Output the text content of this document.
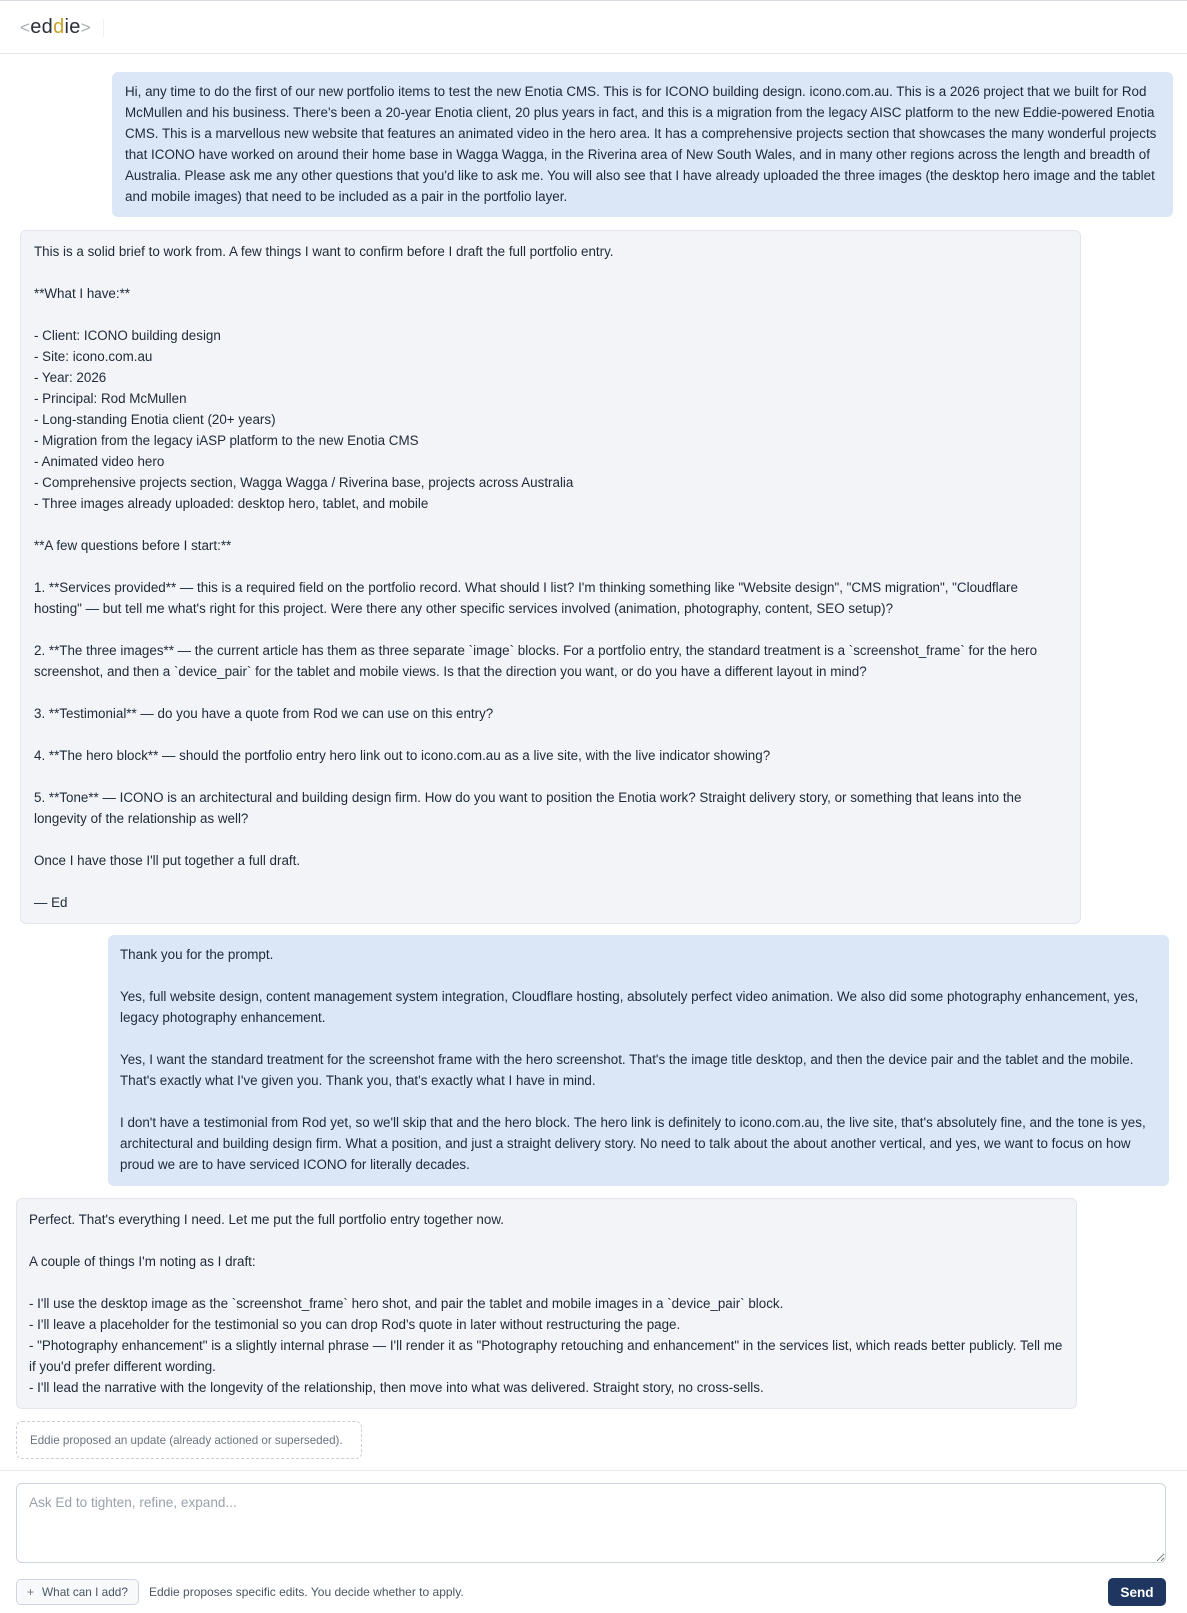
<eddie>
Hi, any time to do the first of our new portfolio items to test the new Enotia CMS. This is for ICONO building design. icono.com.au. This is a 2026 project that we built for Rod McMullen and his business. There's been a 20-year Enotia client, 20 plus years in fact, and this is a migration from the legacy AISC platform to the new Eddie-powered Enotia CMS. This is a marvellous new website that features an animated video in the hero area. It has a comprehensive projects section that showcases the many wonderful projects that ICONO have worked on around their home base in Wagga Wagga, in the Riverina area of New South Wales, and in many other regions across the length and breadth of Australia. Please ask me any other questions that you'd like to ask me. You will also see that I have already uploaded the three images (the desktop hero image and the tablet and mobile images) that need to be included as a pair in the portfolio layer.
This is a solid brief to work from. A few things I want to confirm before I draft the full portfolio entry.

**What I have:**

- Client: ICONO building design
- Site: icono.com.au
- Year: 2026
- Principal: Rod McMullen
- Long-standing Enotia client (20+ years)
- Migration from the legacy iASP platform to the new Enotia CMS
- Animated video hero
- Comprehensive projects section, Wagga Wagga / Riverina base, projects across Australia
- Three images already uploaded: desktop hero, tablet, and mobile

**A few questions before I start:**

1. **Services provided** — this is a required field on the portfolio record. What should I list? I'm thinking something like "Website design", "CMS migration", "Cloudflare hosting" — but tell me what's right for this project. Were there any other specific services involved (animation, photography, content, SEO setup)?

2. **The three images** — the current article has them as three separate `image` blocks. For a portfolio entry, the standard treatment is a `screenshot_frame` for the hero screenshot, and then a `device_pair` for the tablet and mobile views. Is that the direction you want, or do you have a different layout in mind?

3. **Testimonial** — do you have a quote from Rod we can use on this entry?

4. **The hero block** — should the portfolio entry hero link out to icono.com.au as a live site, with the live indicator showing?

5. **Tone** — ICONO is an architectural and building design firm. How do you want to position the Enotia work? Straight delivery story, or something that leans into the longevity of the relationship as well?

Once I have those I'll put together a full draft.

— Ed
Thank you for the prompt.

Yes, full website design, content management system integration, Cloudflare hosting, absolutely perfect video animation. We also did some photography enhancement, yes, legacy photography enhancement.

Yes, I want the standard treatment for the screenshot frame with the hero screenshot. That's the image title desktop, and then the device pair and the tablet and the mobile. That's exactly what I've given you. Thank you, that's exactly what I have in mind.

I don't have a testimonial from Rod yet, so we'll skip that and the hero block. The hero link is definitely to icono.com.au, the live site, that's absolutely fine, and the tone is yes, architectural and building design firm. What a position, and just a straight delivery story. No need to talk about the about another vertical, and yes, we want to focus on how proud we are to have serviced ICONO for literally decades.
Perfect. That's everything I need. Let me put the full portfolio entry together now.

A couple of things I'm noting as I draft:

- I'll use the desktop image as the `screenshot_frame` hero shot, and pair the tablet and mobile images in a `device_pair` block.
- I'll leave a placeholder for the testimonial so you can drop Rod's quote in later without restructuring the page.
- "Photography enhancement" is a slightly internal phrase — I'll render it as "Photography retouching and enhancement" in the services list, which reads better publicly. Tell me if you'd prefer different wording.
- I'll lead the narrative with the longevity of the relationship, then move into what was delivered. Straight story, no cross-sells.
Eddie proposed an update (already actioned or superseded).
Ask Ed to tighten, refine, expand...
+ What can I add?	Eddie proposes specific edits. You decide whether to apply.	Send
